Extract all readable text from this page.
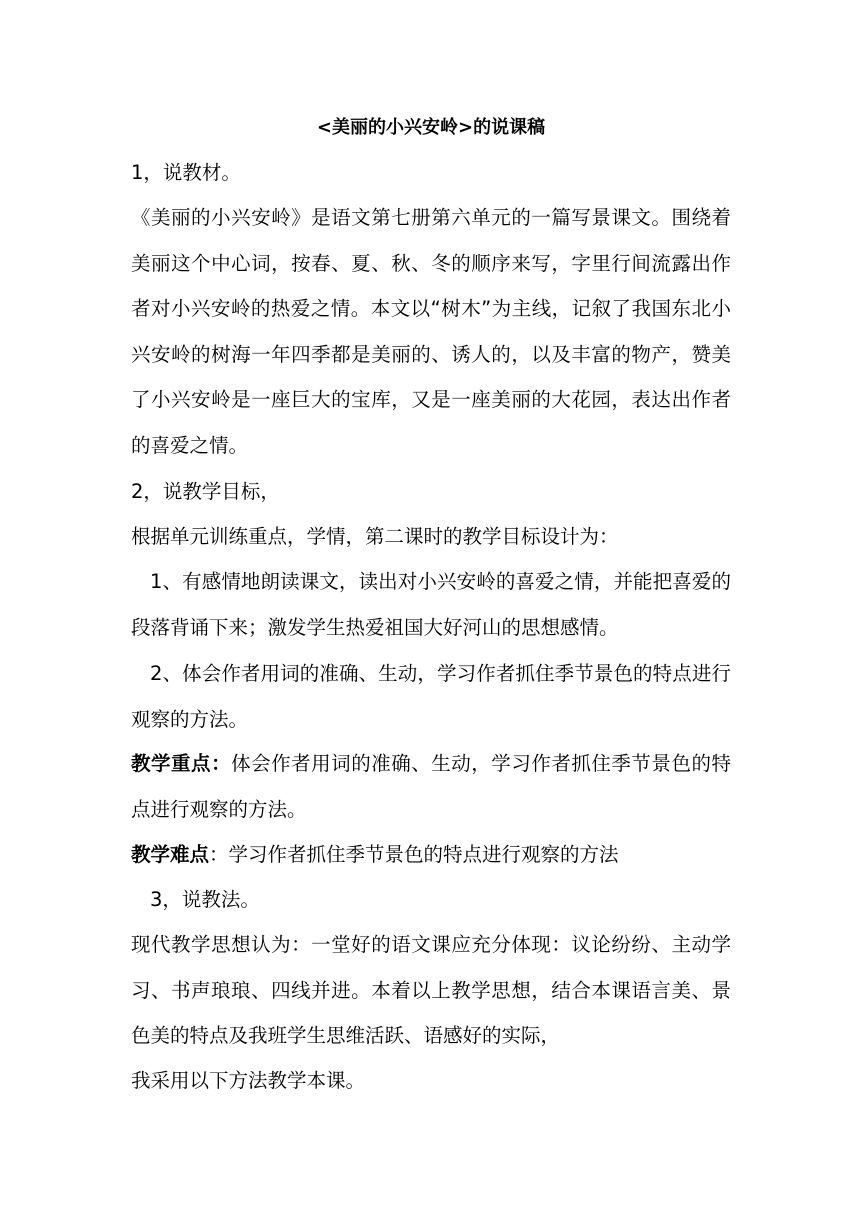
<美丽的小兴安岭>的说课稿
1，说教材。
《美丽的小兴安岭》是语文第七册第六单元的一篇写景课文。围绕着美丽这个中心词，按春、夏、秋、冬的顺序来写，字里行间流露出作者对小兴安岭的热爱之情。本文以“树木”为主线，记叙了我国东北小兴安岭的树海一年四季都是美丽的、诱人的，以及丰富的物产，赞美了小兴安岭是一座巨大的宝库，又是一座美丽的大花园，表达出作者的喜爱之情。
2，说教学目标，
根据单元训练重点，学情，第二课时的教学目标设计为：
1、有感情地朗读课文，读出对小兴安岭的喜爱之情，并能把喜爱的段落背诵下来；激发学生热爱祖国大好河山的思想感情。
2、体会作者用词的准确、生动，学习作者抓住季节景色的特点进行观察的方法。
教学重点：体会作者用词的准确、生动，学习作者抓住季节景色的特点进行观察的方法。
教学难点：学习作者抓住季节景色的特点进行观察的方法
3，说教法。
现代教学思想认为：一堂好的语文课应充分体现：议论纷纷、主动学习、书声琅琅、四线并进。本着以上教学思想，结合本课语言美、景色美的特点及我班学生思维活跃、语感好的实际，
我采用以下方法教学本课。
